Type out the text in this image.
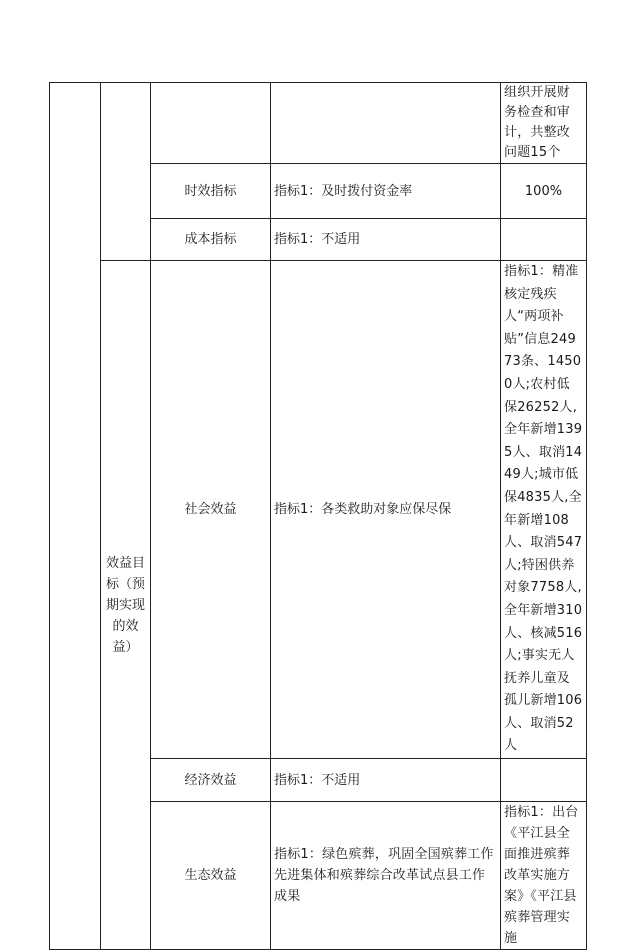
				组织开展财务检查和审计，共整改问题15个
		时效指标	指标1：及时拨付资金率	100%
		成本指标	指标1：不适用	
	效益目标（预期实现的效益）	社会效益	指标1：各类救助对象应保尽保	指标1：精准核定残疾人“两项补贴”信息24973条、14500人;农村低保26252人,全年新增1395人、取消1449人;城市低保4835人,全年新增108人、取消547人;特困供养对象7758人,全年新增310人、核减516人;事实无人抚养儿童及孤儿新增106人、取消52人
		经济效益	指标1：不适用	
		生态效益	指标1：绿色殡葬，巩固全国殡葬工作先进集体和殡葬综合改革试点县工作成果	指标1：出台《平江县全面推进殡葬改革实施方案》《平江县殡葬管理实施
